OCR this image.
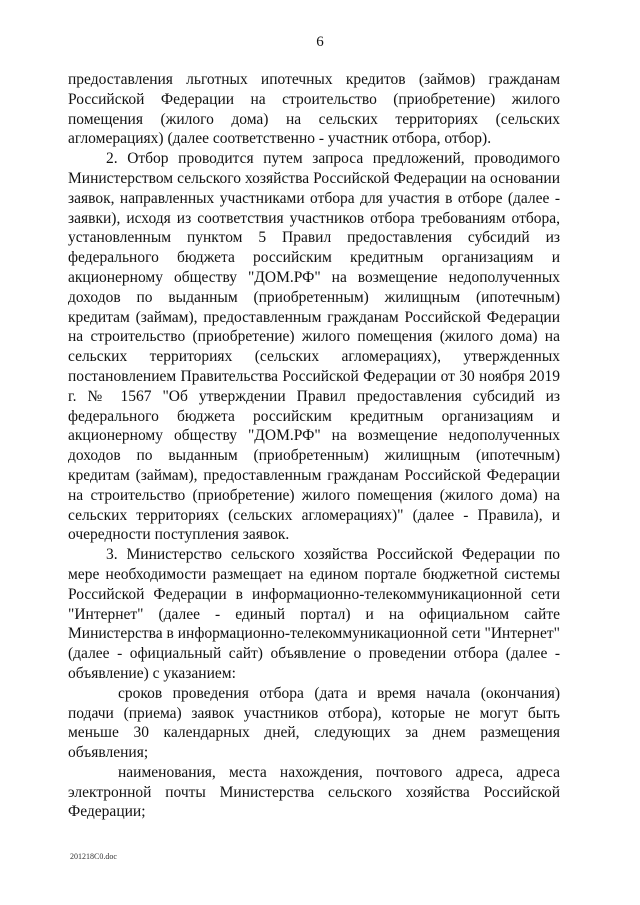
6

предоставления льготных ипотечных кредитов (займов) гражданам Российской Федерации на строительство (приобретение) жилого помещения (жилого дома) на сельских территориях (сельских агломерациях) (далее соответственно - участник отбора, отбор).

2. Отбор проводится путем запроса предложений, проводимого Министерством сельского хозяйства Российской Федерации на основании заявок, направленных участниками отбора для участия в отборе (далее - заявки), исходя из соответствия участников отбора требованиям отбора, установленным пунктом 5 Правил предоставления субсидий из федерального бюджета российским кредитным организациям и акционерному обществу "ДОМ.РФ" на возмещение недополученных доходов по выданным (приобретенным) жилищным (ипотечным) кредитам (займам), предоставленным гражданам Российской Федерации на строительство (приобретение) жилого помещения (жилого дома) на сельских территориях (сельских агломерациях), утвержденных постановлением Правительства Российской Федерации от 30 ноября 2019 г. № 1567 "Об утверждении Правил предоставления субсидий из федерального бюджета российским кредитным организациям и акционерному обществу "ДОМ.РФ" на возмещение недополученных доходов по выданным (приобретенным) жилищным (ипотечным) кредитам (займам), предоставленным гражданам Российской Федерации на строительство (приобретение) жилого помещения (жилого дома) на сельских территориях (сельских агломерациях)" (далее - Правила), и очередности поступления заявок.

3. Министерство сельского хозяйства Российской Федерации по мере необходимости размещает на едином портале бюджетной системы Российской Федерации в информационно-телекоммуникационной сети "Интернет" (далее - единый портал) и на официальном сайте Министерства в информационно-телекоммуникационной сети "Интернет" (далее - официальный сайт) объявление о проведении отбора (далее - объявление) с указанием:

сроков проведения отбора (дата и время начала (окончания) подачи (приема) заявок участников отбора), которые не могут быть меньше 30 календарных дней, следующих за днем размещения объявления;

наименования, места нахождения, почтового адреса, адреса электронной почты Министерства сельского хозяйства Российской Федерации;

201218C0.doc
